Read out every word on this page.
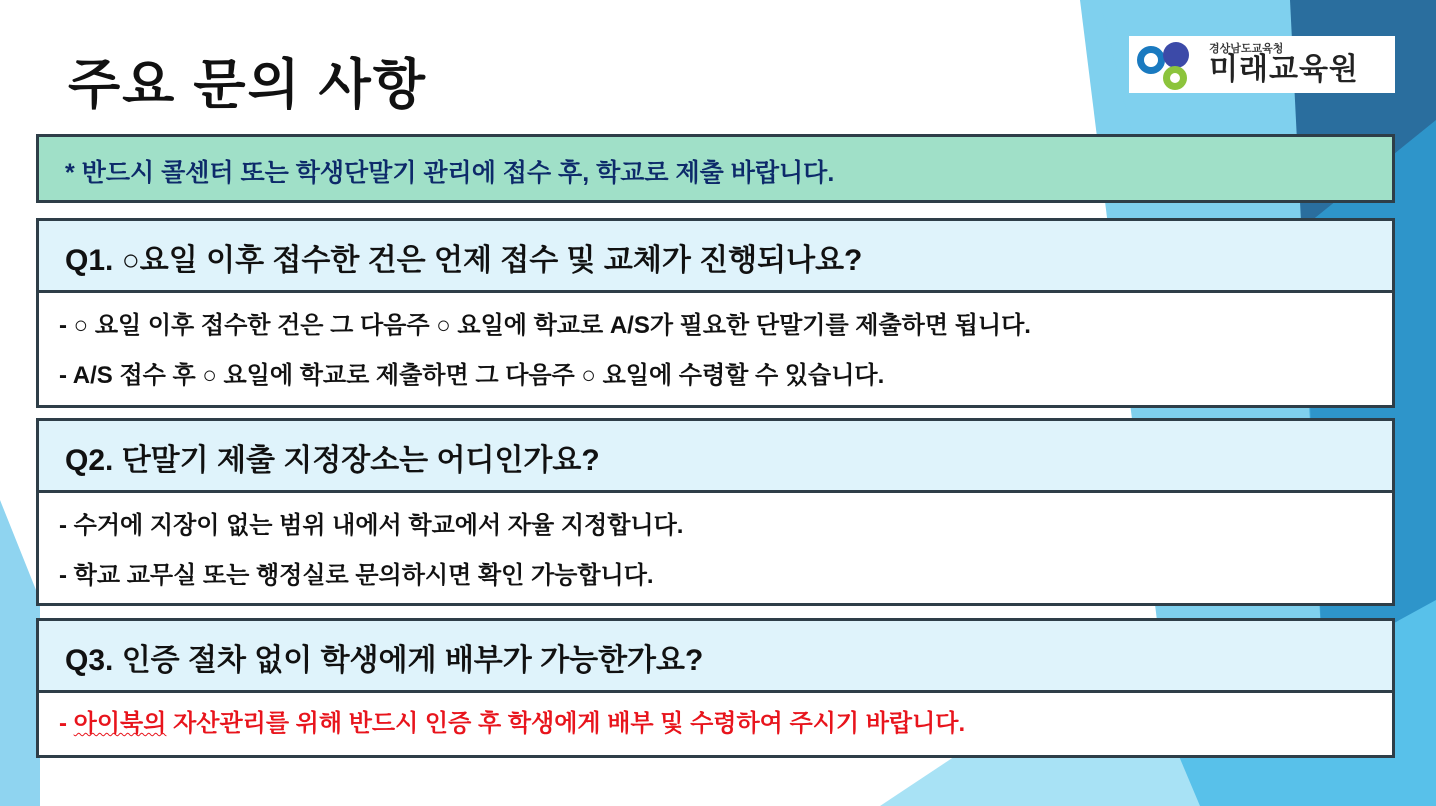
주요 문의 사항
경상남도교육청
미래교육원
* 반드시 콜센터 또는 학생단말기 관리에 접수 후, 학교로 제출 바랍니다.
Q1. ○요일 이후 접수한 건은 언제 접수 및 교체가 진행되나요?
- ○ 요일 이후 접수한 건은 그 다음주 ○ 요일에 학교로 A/S가 필요한 단말기를 제출하면 됩니다.
- A/S 접수 후 ○ 요일에 학교로 제출하면 그 다음주 ○ 요일에 수령할 수 있습니다.
Q2. 단말기 제출 지정장소는 어디인가요?
- 수거에 지장이 없는 범위 내에서 학교에서 자율 지정합니다.
- 학교 교무실 또는 행정실로 문의하시면 확인 가능합니다.
Q3. 인증 절차 없이 학생에게 배부가 가능한가요?
- 아이북의 자산관리를 위해 반드시 인증 후 학생에게 배부 및 수령하여 주시기 바랍니다.
